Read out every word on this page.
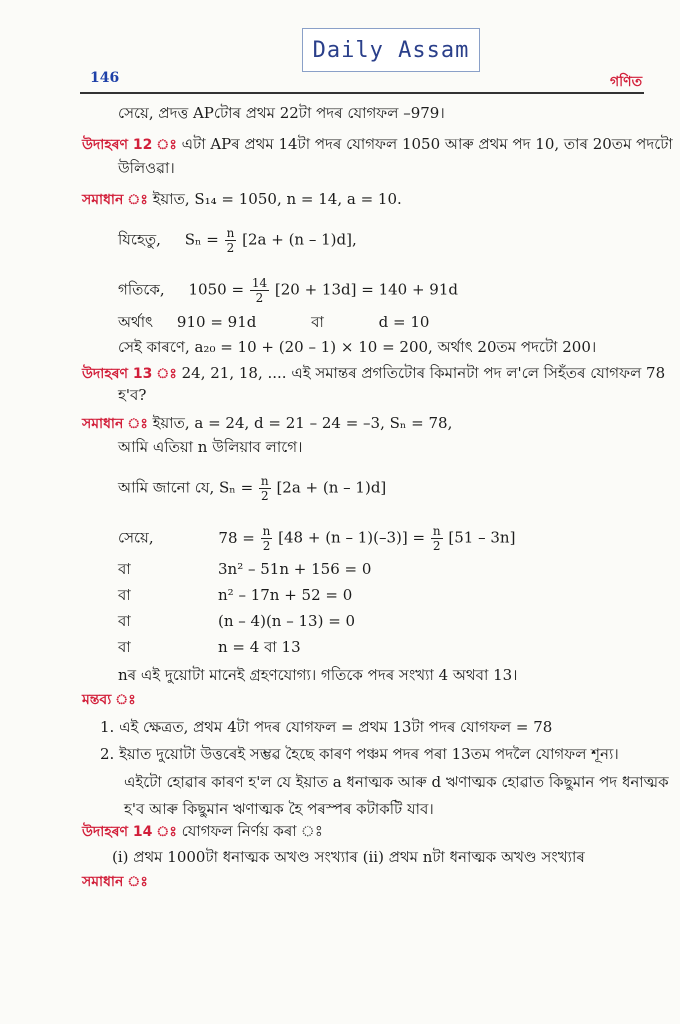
Daily Assam
146	গণিত
সেয়ে, প্ৰদত্ত APটোৰ প্ৰথম 22টা পদৰ যোগফল –979।
উদাহৰণ 12 ঃ এটা APৰ প্ৰথম 14টা পদৰ যোগফল 1050 আৰু প্ৰথম পদ 10, তাৰ 20তম পদটো
উলিওৱা।
সমাধান ঃ ইয়াত, S₁₄ = 1050, n = 14, a = 10.
যিহেতু, $S_n = \frac{n}{2} [2a + (n - 1)d]$,
গতিকে, $1050 = \frac{14}{2} [20 + 13d] = 140 + 91d$
অৰ্থাৎ 910 = 91d	বা	d = 10
সেই কাৰণে, a₂₀ = 10 + (20 – 1) × 10 = 200, অৰ্থাৎ 20তম পদটো 200।
উদাহৰণ 13 ঃ 24, 21, 18, .... এই সমান্তৰ প্ৰগতিটোৰ কিমানটা পদ ল'লে সিহঁতৰ যোগফল 78
হ'ব?
সমাধান ঃ ইয়াত, a = 24, d = 21 – 24 = –3, Sₙ = 78,
আমি এতিয়া n উলিয়াব লাগে।
আমি জানো যে, $S_n = \frac{n}{2} [2a + (n - 1)d]$
সেয়ে,	$78 = \frac{n}{2} [48 + (n - 1)(-3)] = \frac{n}{2} [51 - 3n]$
বা	3n² – 51n + 156 = 0
বা	n² – 17n + 52 = 0
বা	(n – 4)(n – 13) = 0
বা	n = 4 বা 13
nৰ এই দুয়োটা মানেই গ্ৰহণযোগ্য। গতিকে পদৰ সংখ্যা 4 অথবা 13।
মন্তব্য ঃ
1. এই ক্ষেত্ৰত, প্ৰথম 4টা পদৰ যোগফল = প্ৰথম 13টা পদৰ যোগফল = 78
2. ইয়াত দুয়োটা উত্তৰেই সম্ভৱ হৈছে কাৰণ পঞ্চম পদৰ পৰা 13তম পদলৈ যোগফল শূন্য।
এইটো হোৱাৰ কাৰণ হ'ল যে ইয়াত a ধনাত্মক আৰু d ঋণাত্মক হোৱাত কিছুমান পদ ধনাত্মক
হ'ব আৰু কিছুমান ঋণাত্মক হৈ পৰস্পৰ কটাকটি যাব।
উদাহৰণ 14 ঃ যোগফল নিৰ্ণয় কৰা ঃ
(i) প্ৰথম 1000টা ধনাত্মক অখণ্ড সংখ্যাৰ (ii) প্ৰথম nটা ধনাত্মক অখণ্ড সংখ্যাৰ
সমাধান ঃ
